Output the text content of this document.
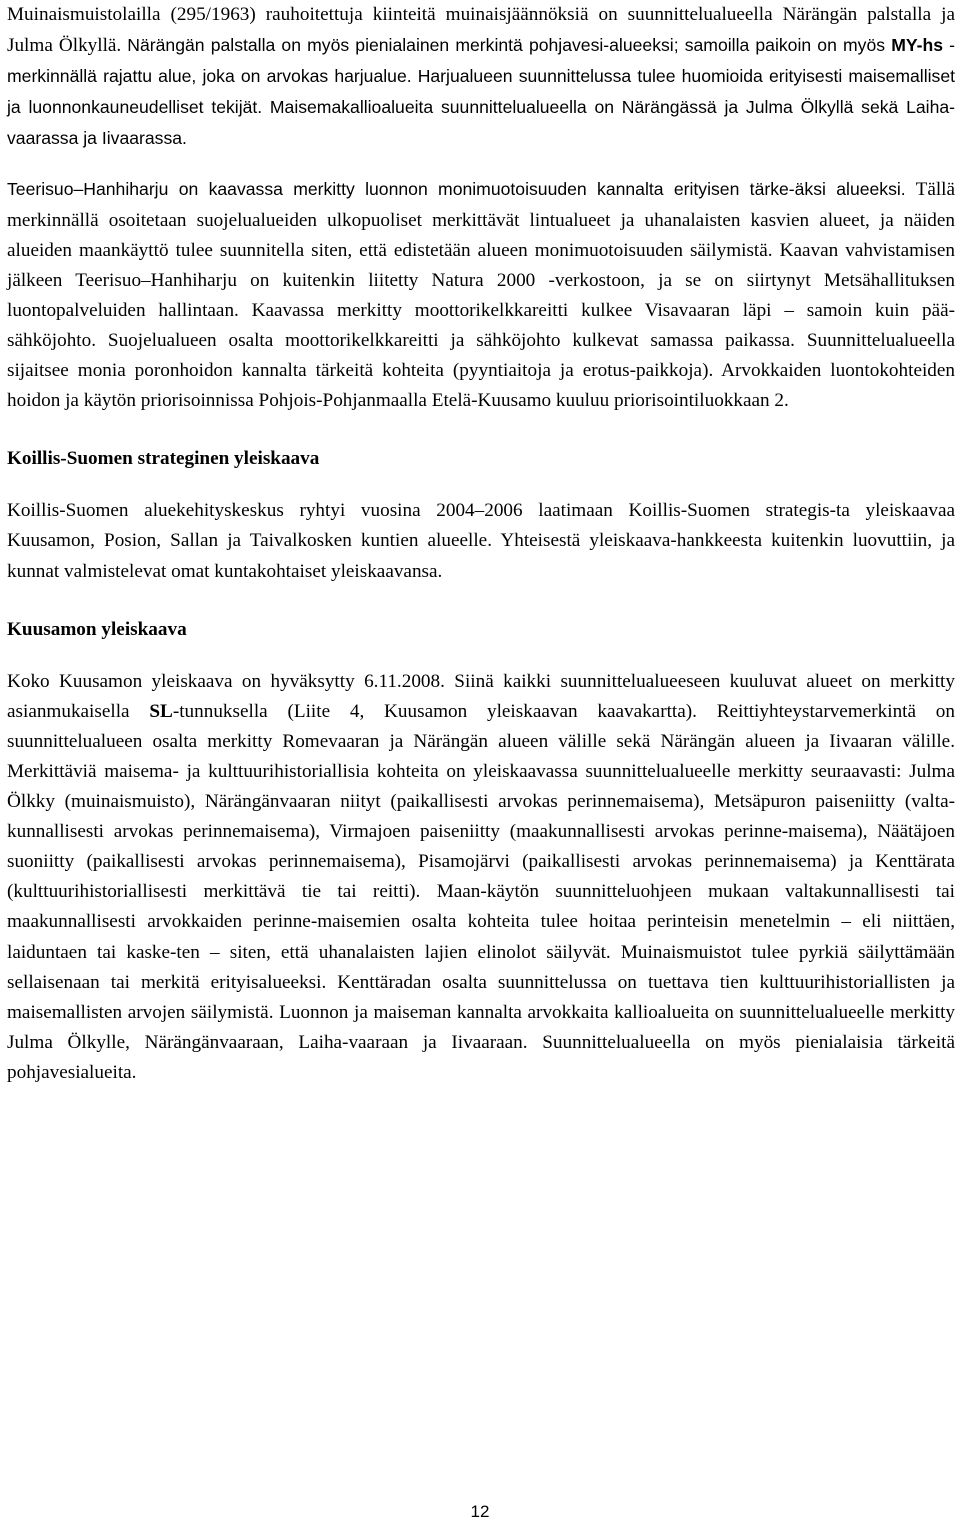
Muinaismuistolailla (295/1963) rauhoitettuja kiinteitä muinaisjäännöksiä on suunnittelualueella Närängän palstalla ja Julma Ölkyllä. Närängän palstalla on myös pienialainen merkintä pohjavesi-alueeksi; samoilla paikoin on myös MY-hs -merkinnällä rajattu alue, joka on arvokas harjualue. Harjualueen suunnittelussa tulee huomioida erityisesti maisemalliset ja luonnonkauneudelliset tekijät. Maisemakallioalueita suunnittelualueella on Närängässä ja Julma Ölkyllä sekä Laiha-vaarassa ja Iivaarassa.

Teerisuo–Hanhiharju on kaavassa merkitty luonnon monimuotoisuuden kannalta erityisen tärke-äksi alueeksi. Tällä merkinnällä osoitetaan suojelualueiden ulkopuoliset merkittävät lintualueet ja uhanalaisten kasvien alueet, ja näiden alueiden maankäyttö tulee suunnitella siten, että edistetään alueen monimuotoisuuden säilymistä. Kaavan vahvistamisen jälkeen Teerisuo–Hanhiharju on kuitenkin liitetty Natura 2000 -verkostoon, ja se on siirtynyt Metsähallituksen luontopalveluiden hallintaan. Kaavassa merkitty moottorikelkkareitti kulkee Visavaaran läpi – samoin kuin pää-sähköjohto. Suojelualueen osalta moottorikelkkareitti ja sähköjohto kulkevat samassa paikassa. Suunnittelualueella sijaitsee monia poronhoidon kannalta tärkeitä kohteita (pyyntiaitoja ja erotus-paikkoja). Arvokkaiden luontokohteiden hoidon ja käytön priorisoinnissa Pohjois-Pohjanmaalla Etelä-Kuusamo kuuluu priorisointiluokkaan 2.

Koillis-Suomen strateginen yleiskaava

Koillis-Suomen aluekehityskeskus ryhtyi vuosina 2004–2006 laatimaan Koillis-Suomen strategis-ta yleiskaavaa Kuusamon, Posion, Sallan ja Taivalkosken kuntien alueelle. Yhteisestä yleiskaava-hankkeesta kuitenkin luovuttiin, ja kunnat valmistelevat omat kuntakohtaiset yleiskaavansa.

Kuusamon yleiskaava

Koko Kuusamon yleiskaava on hyväksytty 6.11.2008. Siinä kaikki suunnittelualueeseen kuuluvat alueet on merkitty asianmukaisella SL-tunnuksella (Liite 4, Kuusamon yleiskaavan kaavakartta). Reittiyhteystarvemerkintä on suunnittelualueen osalta merkitty Romevaaran ja Närängän alueen välille sekä Närängän alueen ja Iivaaran välille. Merkittäviä maisema- ja kulttuurihistoriallisia kohteita on yleiskaavassa suunnittelualueelle merkitty seuraavasti: Julma Ölkky (muinaismuisto), Närängänvaaran niityt (paikallisesti arvokas perinnemaisema), Metsäpuron paiseniitty (valta-kunnallisesti arvokas perinnemaisema), Virmajoen paiseniitty (maakunnallisesti arvokas perinne-maisema), Näätäjoen suoniitty (paikallisesti arvokas perinnemaisema), Pisamojärvi (paikallisesti arvokas perinnemaisema) ja Kenttärata (kulttuurihistoriallisesti merkittävä tie tai reitti). Maan-käytön suunnitteluohjeen mukaan valtakunnallisesti tai maakunnallisesti arvokkaiden perinne-maisemien osalta kohteita tulee hoitaa perinteisin menetelmin – eli niittäen, laiduntaen tai kaske-ten – siten, että uhanalaisten lajien elinolot säilyvät. Muinaismuistot tulee pyrkiä säilyttämään sellaisenaan tai merkitä erityisalueeksi. Kenttäradan osalta suunnittelussa on tuettava tien kulttuurihistoriallisten ja maisemallisten arvojen säilymistä. Luonnon ja maiseman kannalta arvokkaita kallioalueita on suunnittelualueelle merkitty Julma Ölkylle, Närängänvaaraan, Laiha-vaaraan ja Iivaaraan. Suunnittelualueella on myös pienialaisia tärkeitä pohjavesialueita.

12
